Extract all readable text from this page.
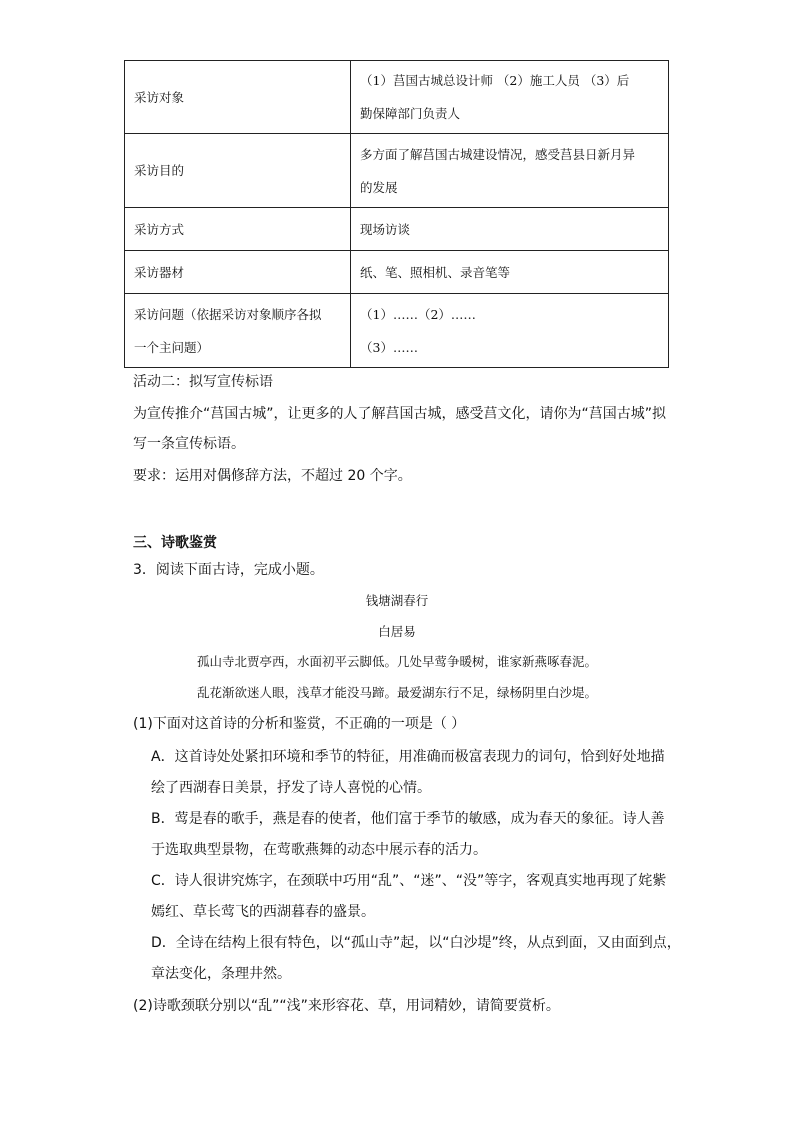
采访对象	（1）莒国古城总设计师 （2）施工人员 （3）后
勤保障部门负责人

采访目的	多方面了解莒国古城建设情况，感受莒县日新月异
的发展

采访方式	现场访谈
采访器材	纸、笔、照相机、录音笔等

采访问题（依据采访对象顺序各拟
一个主问题）	（1）……（2）……
（3）……

活动二：拟写宣传标语

为宣传推介“莒国古城”，让更多的人了解莒国古城，感受莒文化，请你为“莒国古城”拟

写一条宣传标语。

要求：运用对偶修辞方法，不超过 20 个字。

三、诗歌鉴赏

3．阅读下面古诗，完成小题。

钱塘湖春行

白居易

孤山寺北贾亭西，水面初平云脚低。几处早莺争暖树，谁家新燕啄春泥。

乱花渐欲迷人眼，浅草才能没马蹄。最爱湖东行不足，绿杨阴里白沙堤。

(1)下面对这首诗的分析和鉴赏，不正确的一项是（ ）

A．这首诗处处紧扣环境和季节的特征，用准确而极富表现力的词句，恰到好处地描

绘了西湖春日美景，抒发了诗人喜悦的心情。

B．莺是春的歌手，燕是春的使者，他们富于季节的敏感，成为春天的象征。诗人善

于选取典型景物，在莺歌燕舞的动态中展示春的活力。

C．诗人很讲究炼字，在颈联中巧用“乱”、“迷”、“没”等字，客观真实地再现了姹紫

嫣红、草长莺飞的西湖暮春的盛景。

D．全诗在结构上很有特色，以“孤山寺”起，以“白沙堤”终，从点到面，又由面到点，

章法变化，条理井然。

(2)诗歌颈联分别以“乱”“浅”来形容花、草，用词精妙，请简要赏析。
